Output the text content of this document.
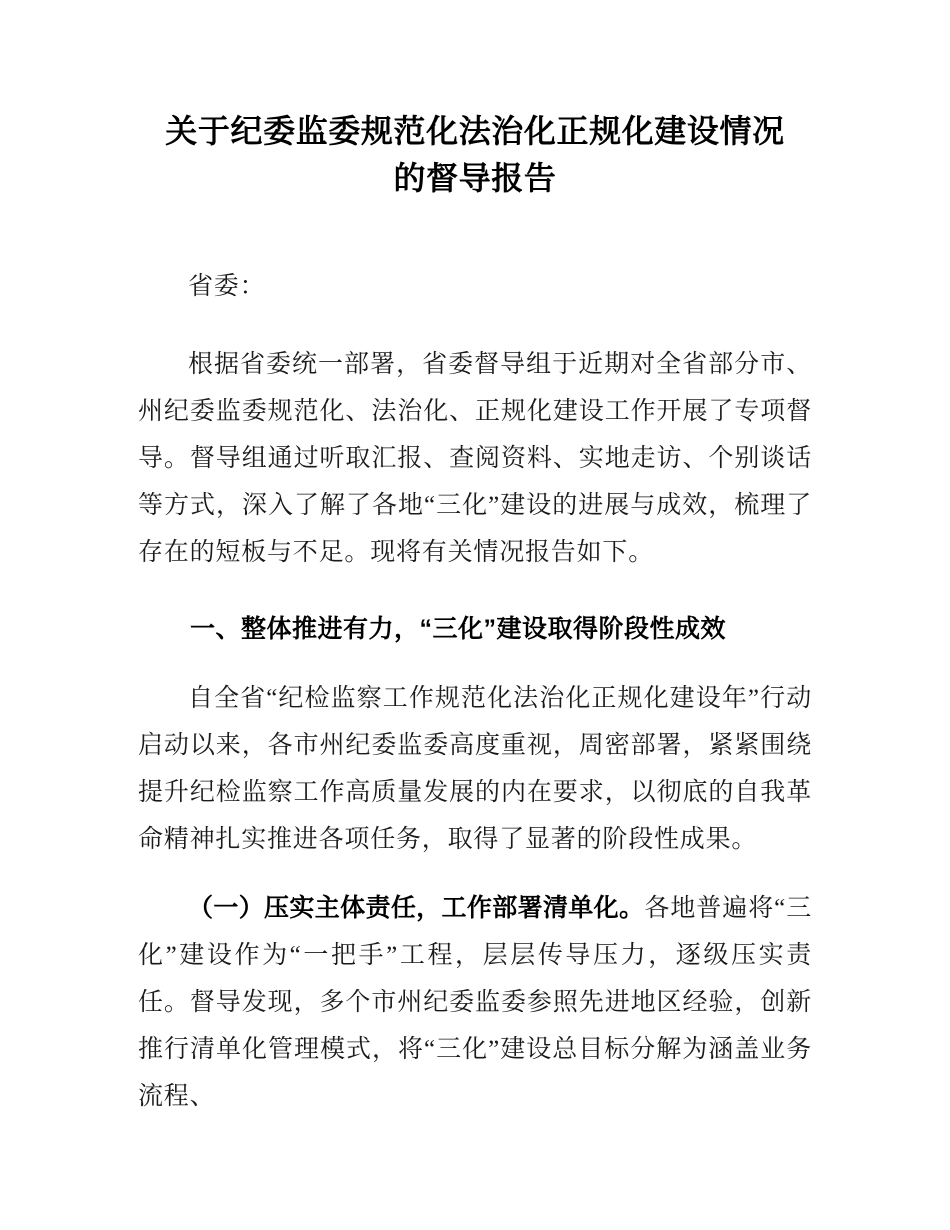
关于纪委监委规范化法治化正规化建设情况
的督导报告

省委：

根据省委统一部署，省委督导组于近期对全省部分市、州纪委监委规范化、法治化、正规化建设工作开展了专项督导。督导组通过听取汇报、查阅资料、实地走访、个别谈话等方式，深入了解了各地“三化”建设的进展与成效，梳理了存在的短板与不足。现将有关情况报告如下。

一、整体推进有力，“三化”建设取得阶段性成效

自全省“纪检监察工作规范化法治化正规化建设年”行动启动以来，各市州纪委监委高度重视，周密部署，紧紧围绕提升纪检监察工作高质量发展的内在要求，以彻底的自我革命精神扎实推进各项任务，取得了显著的阶段性成果。

（一）压实主体责任，工作部署清单化。各地普遍将“三化”建设作为“一把手”工程，层层传导压力，逐级压实责任。督导发现，多个市州纪委监委参照先进地区经验，创新推行清单化管理模式，将“三化”建设总目标分解为涵盖业务流程、
